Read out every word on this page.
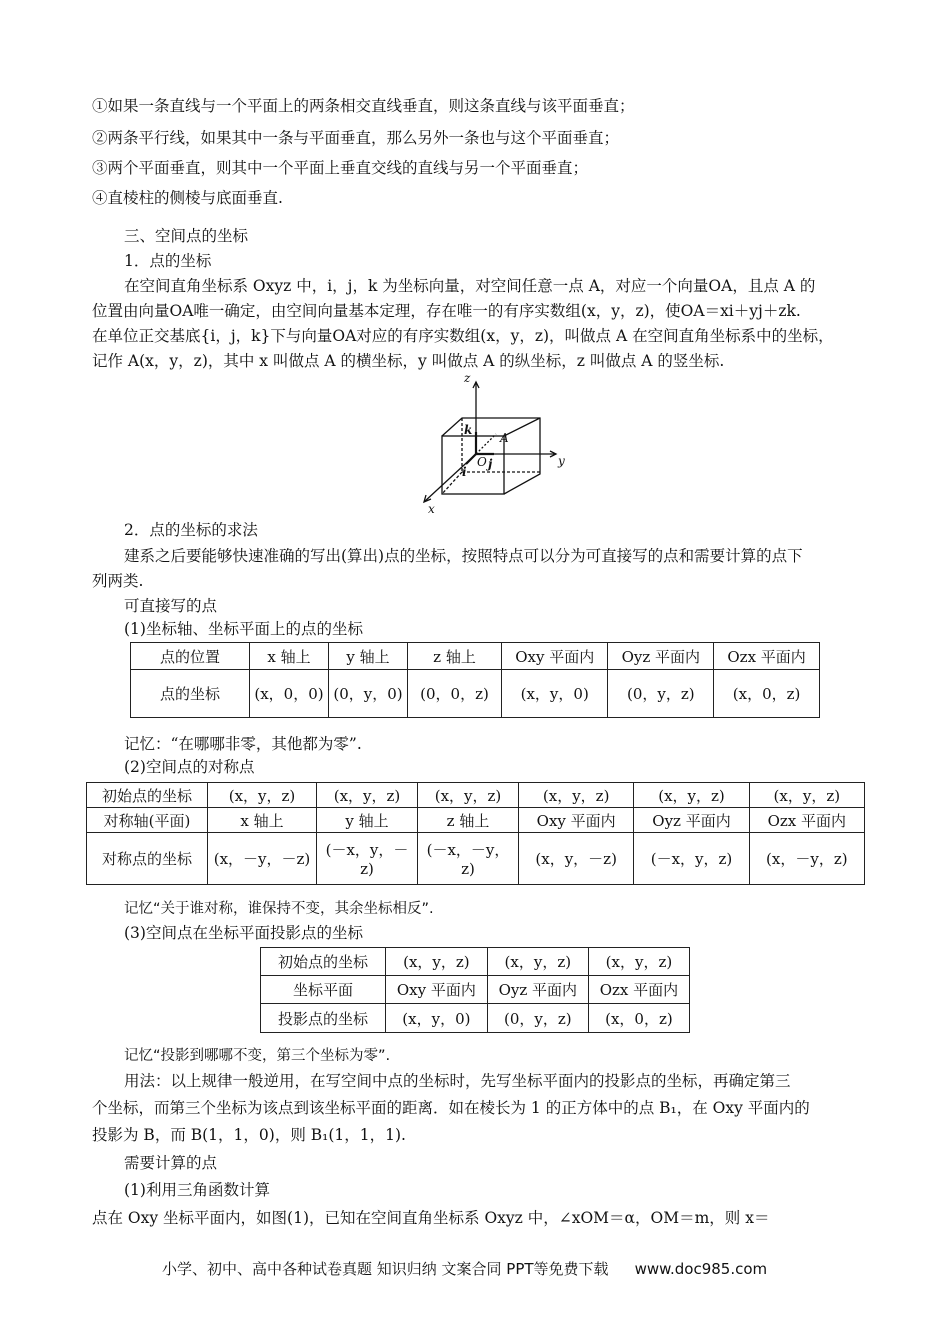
①如果一条直线与一个平面上的两条相交直线垂直，则这条直线与该平面垂直；
②两条平行线，如果其中一条与平面垂直，那么另外一条也与这个平面垂直；
③两个平面垂直，则其中一个平面上垂直交线的直线与另一个平面垂直；
④直棱柱的侧棱与底面垂直.
三、空间点的坐标
1．点的坐标
在空间直角坐标系 Oxyz 中，i，j，k 为坐标向量，对空间任意一点 A，对应一个向量OA，且点 A 的
位置由向量OA唯一确定，由空间向量基本定理，存在唯一的有序实数组(x，y，z)，使OA＝xi＋yj＋zk.
在单位正交基底{i，j，k}下与向量OA对应的有序实数组(x，y，z)，叫做点 A 在空间直角坐标系中的坐标，
记作 A(x，y，z)，其中 x 叫做点 A 的横坐标，y 叫做点 A 的纵坐标，z 叫做点 A 的竖坐标.
z
y
x
k
A
O j
i
2．点的坐标的求法
建系之后要能够快速准确的写出(算出)点的坐标，按照特点可以分为可直接写的点和需要计算的点下
列两类.
可直接写的点
(1)坐标轴、坐标平面上的点的坐标
点的位置	x 轴上	y 轴上	z 轴上	Oxy 平面内	Oyz 平面内	Ozx 平面内
点的坐标	(x，0，0)	(0，y，0)	(0，0，z)	(x，y，0)	(0，y，z)	(x，0，z)
记忆：“在哪哪非零，其他都为零”.
(2)空间点的对称点
初始点的坐标	(x，y，z)	(x，y，z)	(x，y，z)	(x，y，z)	(x，y，z)	(x，y，z)
对称轴(平面)	x 轴上	y 轴上	z 轴上	Oxy 平面内	Oyz 平面内	Ozx 平面内
对称点的坐标	(x，－y，－z)	(－x，y，－z)	(－x，－y，z)	(x，y，－z)	(－x，y，z)	(x，－y，z)
记忆“关于谁对称，谁保持不变，其余坐标相反”.
(3)空间点在坐标平面投影点的坐标
初始点的坐标	(x，y，z)	(x，y，z)	(x，y，z)
坐标平面	Oxy 平面内	Oyz 平面内	Ozx 平面内
投影点的坐标	(x，y，0)	(0，y，z)	(x，0，z)
记忆“投影到哪哪不变，第三个坐标为零”.
用法：以上规律一般逆用，在写空间中点的坐标时，先写坐标平面内的投影点的坐标，再确定第三
个坐标，而第三个坐标为该点到该坐标平面的距离．如在棱长为 1 的正方体中的点 B₁，在 Oxy 平面内的
投影为 B，而 B(1，1，0)，则 B₁(1，1，1).
需要计算的点
(1)利用三角函数计算
点在 Oxy 坐标平面内，如图(1)，已知在空间直角坐标系 Oxyz 中，∠xOM＝α，OM＝m，则 x＝
小学、初中、高中各种试卷真题 知识归纳 文案合同 PPT等免费下载 www.doc985.com
